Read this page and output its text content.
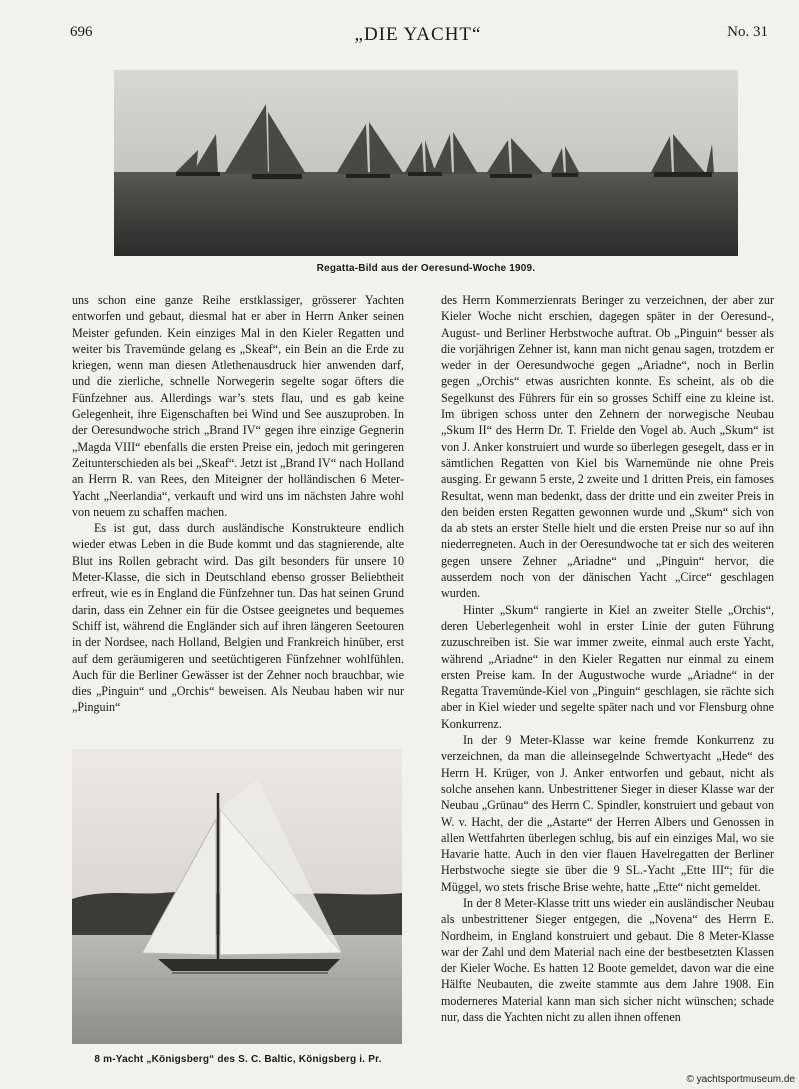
696	„DIE YACHT“	No. 31
Regatta-Bild aus der Oeresund-Woche 1909.

uns schon eine ganze Reihe erstklassiger, grösserer Yachten entworfen und gebaut, diesmal hat er aber in Herrn Anker seinen Meister gefunden. Kein einziges Mal in den Kieler Regatten und weiter bis Travemünde gelang es „Skeaf“, ein Bein an die Erde zu kriegen, wenn man diesen Atlethenausdruck hier anwenden darf, und die zierliche, schnelle Norwegerin segelte sogar öfters die Fünfzehner aus. Allerdings war’s stets flau, und es gab keine Gelegenheit, ihre Eigenschaften bei Wind und See auszuproben. In der Oeresundwoche strich „Brand IV“ gegen ihre einzige Gegnerin „Magda VIII“ ebenfalls die ersten Preise ein, jedoch mit geringeren Zeitunterschieden als bei „Skeaf“. Jetzt ist „Brand IV“ nach Holland an Herrn R. van Rees, den Miteigner der holländischen 6 Meter-Yacht „Neerlandia“, verkauft und wird uns im nächsten Jahre wohl von neuem zu schaffen machen.

Es ist gut, dass durch ausländische Konstrukteure endlich wieder etwas Leben in die Bude kommt und das stagnierende, alte Blut ins Rollen gebracht wird. Das gilt besonders für unsere 10 Meter-Klasse, die sich in Deutschland ebenso grosser Beliebtheit erfreut, wie es in England die Fünfzehner tun. Das hat seinen Grund darin, dass ein Zehner ein für die Ostsee geeignetes und bequemes Schiff ist, während die Engländer sich auf ihren längeren Seetouren in der Nordsee, nach Holland, Belgien und Frankreich hinüber, erst auf dem geräumigeren und seetüchtigeren Fünfzehner wohlfühlen. Auch für die Berliner Gewässer ist der Zehner noch brauchbar, wie dies „Pinguin“ und „Orchis“ beweisen. Als Neubau haben wir nur „Pinguin“

8 m-Yacht „Königsberg“ des S. C. Baltic, Königsberg i. Pr.

des Herrn Kommerzienrats Beringer zu verzeichnen, der aber zur Kieler Woche nicht erschien, dagegen später in der Oeresund-, August- und Berliner Herbstwoche auftrat. Ob „Pinguin“ besser als die vorjährigen Zehner ist, kann man nicht genau sagen, trotzdem er weder in der Oeresundwoche gegen „Ariadne“, noch in Berlin gegen „Orchis“ etwas ausrichten konnte. Es scheint, als ob die Segelkunst des Führers für ein so grosses Schiff eine zu kleine ist. Im übrigen schoss unter den Zehnern der norwegische Neubau „Skum II“ des Herrn Dr. T. Frielde den Vogel ab. Auch „Skum“ ist von J. Anker konstruiert und wurde so überlegen gesegelt, dass er in sämtlichen Regatten von Kiel bis Warnemünde nie ohne Preis ausging. Er gewann 5 erste, 2 zweite und 1 dritten Preis, ein famoses Resultat, wenn man bedenkt, dass der dritte und ein zweiter Preis in den beiden ersten Regatten gewonnen wurde und „Skum“ sich von da ab stets an erster Stelle hielt und die ersten Preise nur so auf ihn niederregneten. Auch in der Oeresundwoche tat er sich des weiteren gegen unsere Zehner „Ariadne“ und „Pinguin“ hervor, die ausserdem noch von der dänischen Yacht „Circe“ geschlagen wurden.

Hinter „Skum“ rangierte in Kiel an zweiter Stelle „Orchis“, deren Ueberlegenheit wohl in erster Linie der guten Führung zuzuschreiben ist. Sie war immer zweite, einmal auch erste Yacht, während „Ariadne“ in den Kieler Regatten nur einmal zu einem ersten Preise kam. In der Augustwoche wurde „Ariadne“ in der Regatta Travemünde-Kiel von „Pinguin“ geschlagen, sie rächte sich aber in Kiel wieder und segelte später nach und vor Flensburg ohne Konkurrenz.

In der 9 Meter-Klasse war keine fremde Konkurrenz zu verzeichnen, da man die alleinsegelnde Schwertyacht „Hede“ des Herrn H. Krüger, von J. Anker entworfen und gebaut, nicht als solche ansehen kann. Unbestrittener Sieger in dieser Klasse war der Neubau „Grünau“ des Herrn C. Spindler, konstruiert und gebaut von W. v. Hacht, der die „Astarte“ der Herren Albers und Genossen in allen Wettfahrten überlegen schlug, bis auf ein einziges Mal, wo sie Havarie hatte. Auch in den vier flauen Havelregatten der Berliner Herbstwoche siegte sie über die 9 SL.-Yacht „Ette III“; für die Müggel, wo stets frische Brise wehte, hatte „Ette“ nicht gemeldet.

In der 8 Meter-Klasse tritt uns wieder ein ausländischer Neubau als unbestrittener Sieger entgegen, die „Novena“ des Herrn E. Nordheim, in England konstruiert und gebaut. Die 8 Meter-Klasse war der Zahl und dem Material nach eine der bestbesetzten Klassen der Kieler Woche. Es hatten 12 Boote gemeldet, davon war die eine Hälfte Neubauten, die zweite stammte aus dem Jahre 1908. Ein moderneres Material kann man sich sicher nicht wünschen; schade nur, dass die Yachten nicht zu allen ihnen offenen

© yachtsportmuseum.de
